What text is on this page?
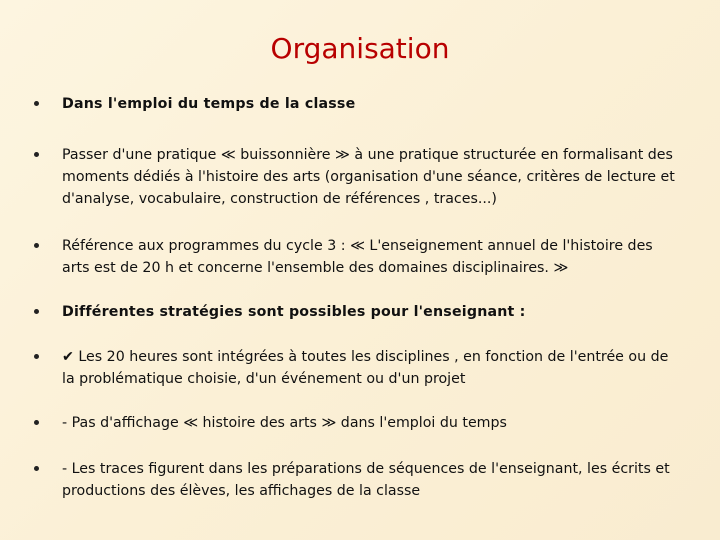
Organisation
Dans l'emploi du temps de la classe
Passer d'une pratique ≪ buissonnière ≫ à une pratique structurée en formalisant des moments dédiés à l'histoire des arts (organisation d'une séance, critères de lecture et d'analyse, vocabulaire, construction de références , traces...)
Référence aux programmes du cycle 3 : ≪ L'enseignement annuel de l'histoire des arts est de 20 h et concerne l'ensemble des domaines disciplinaires. ≫
Différentes stratégies sont possibles pour l'enseignant :
✔ Les 20 heures sont intégrées à toutes les disciplines , en fonction de l'entrée ou de la problématique choisie, d'un événement ou d'un projet
- Pas d'affichage ≪ histoire des arts ≫ dans l'emploi du temps
- Les traces figurent dans les préparations de séquences de l'enseignant, les écrits et productions des élèves, les affichages de la classe
